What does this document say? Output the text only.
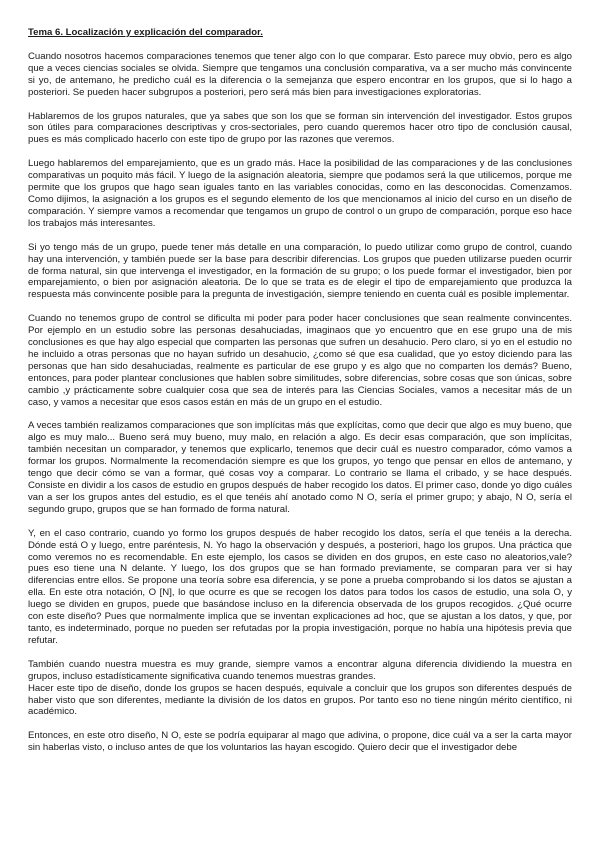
Tema 6. Localización y explicación del comparador.
Cuando nosotros hacemos comparaciones tenemos que tener algo con lo que comparar. Esto parece muy obvio, pero es algo que a veces ciencias sociales se olvida. Siempre que tengamos una conclusión comparativa, va a ser mucho más convincente si yo, de antemano, he predicho cuál es la diferencia o la semejanza que espero encontrar en los grupos, que si lo hago a posteriori. Se pueden hacer subgrupos a posteriori, pero será más bien para investigaciones exploratorias.
Hablaremos de los grupos naturales, que ya sabes que son los que se forman sin intervención del investigador. Estos grupos son útiles para comparaciones descriptivas y cros-sectoriales, pero cuando queremos hacer otro tipo de conclusión causal, pues es más complicado hacerlo con este tipo de grupo por las razones que veremos.
Luego hablaremos del emparejamiento, que es un grado más. Hace la posibilidad de las comparaciones y de las conclusiones comparativas un poquito más fácil. Y luego de la asignación aleatoria, siempre que podamos será la que utilicemos, porque me permite que los grupos que hago sean iguales tanto en las variables conocidas, como en las desconocidas. Comenzamos. Como dijimos, la asignación a los grupos es el segundo elemento de los que mencionamos al inicio del curso en un diseño de comparación. Y siempre vamos a recomendar que tengamos un grupo de control o un grupo de comparación, porque eso hace los trabajos más interesantes.
Si yo tengo más de un grupo, puede tener más detalle en una comparación, lo puedo utilizar como grupo de control, cuando hay una intervención, y también puede ser la base para describir diferencias. Los grupos que pueden utilizarse pueden ocurrir de forma natural, sin que intervenga el investigador, en la formación de su grupo; o los puede formar el investigador, bien por emparejamiento, o bien por asignación aleatoria. De lo que se trata es de elegir el tipo de emparejamiento que produzca la respuesta más convincente posible para la pregunta de investigación, siempre teniendo en cuenta cuál es posible implementar.
Cuando no tenemos grupo de control se dificulta mi poder para poder hacer conclusiones que sean realmente convincentes. Por ejemplo en un estudio sobre las personas desahuciadas, imaginaos que yo encuentro que en ese grupo una de mis conclusiones es que hay algo especial que comparten las personas que sufren un desahucio. Pero claro, si yo en el estudio no he incluido a otras personas que no hayan sufrido un desahucio, ¿como sé que esa cualidad, que yo estoy diciendo para las personas que han sido desahuciadas, realmente es particular de ese grupo y es algo que no comparten los demás? Bueno, entonces, para poder plantear conclusiones que hablen sobre similitudes, sobre diferencias, sobre cosas que son únicas, sobre cambio ,y prácticamente sobre cualquier cosa que sea de interés para las Ciencias Sociales, vamos a necesitar más de un caso, y vamos a necesitar que esos casos están en más de un grupo en el estudio.
A veces también realizamos comparaciones que son implícitas más que explícitas, como que decir que algo es muy bueno, que algo es muy malo... Bueno será muy bueno, muy malo, en relación a algo. Es decir esas comparación, que son implícitas, también necesitan un comparador, y tenemos que explicarlo, tenemos que decir cuál es nuestro comparador, cómo vamos a formar los grupos. Normalmente la recomendación siempre es que los grupos, yo tengo que pensar en ellos de antemano, y tengo que decir cómo se van a formar, qué cosas voy a comparar. Lo contrario se llama el cribado, y se hace después. Consiste en dividir a los casos de estudio en grupos después de haber recogido los datos. El primer caso, donde yo digo cuáles van a ser los grupos antes del estudio, es el que tenéis ahí anotado como N O, sería el primer grupo; y abajo, N O, sería el segundo grupo, grupos que se han formado de forma natural.
Y, en el caso contrario, cuando yo formo los grupos después de haber recogido los datos, sería el que tenéis a la derecha. Dónde está O y luego, entre paréntesis, N. Yo hago la observación y después, a posteriori, hago los grupos. Una práctica que como veremos no es recomendable. En este ejemplo, los casos se dividen en dos grupos, en este caso no aleatorios,vale? pues eso tiene una N delante. Y luego, los dos grupos que se han formado previamente, se comparan para ver si hay diferencias entre ellos. Se propone una teoría sobre esa diferencia, y se pone a prueba comprobando si los datos se ajustan a ella. En este otra notación, O [N], lo que ocurre es que se recogen los datos para todos los casos de estudio, una sola O, y luego se dividen en grupos, puede que basándose incluso en la diferencia observada de los grupos recogidos. ¿Qué ocurre con este diseño? Pues que normalmente implica que se inventan explicaciones ad hoc, que se ajustan a los datos, y que, por tanto, es indeterminado, porque no pueden ser refutadas por la propia investigación, porque no había una hipótesis previa que refutar.
También cuando nuestra muestra es muy grande, siempre vamos a encontrar alguna diferencia dividiendo la muestra en grupos, incluso estadísticamente significativa cuando tenemos muestras grandes.
Hacer este tipo de diseño, donde los grupos se hacen después, equivale a concluir que los grupos son diferentes después de haber visto que son diferentes, mediante la división de los datos en grupos. Por tanto eso no tiene ningún mérito científico, ni académico.
Entonces, en este otro diseño, N O, este se podría equiparar al mago que adivina, o propone, dice cuál va a ser la carta mayor sin haberlas visto, o incluso antes de que los voluntarios las hayan escogido. Quiero decir que el investigador debe
